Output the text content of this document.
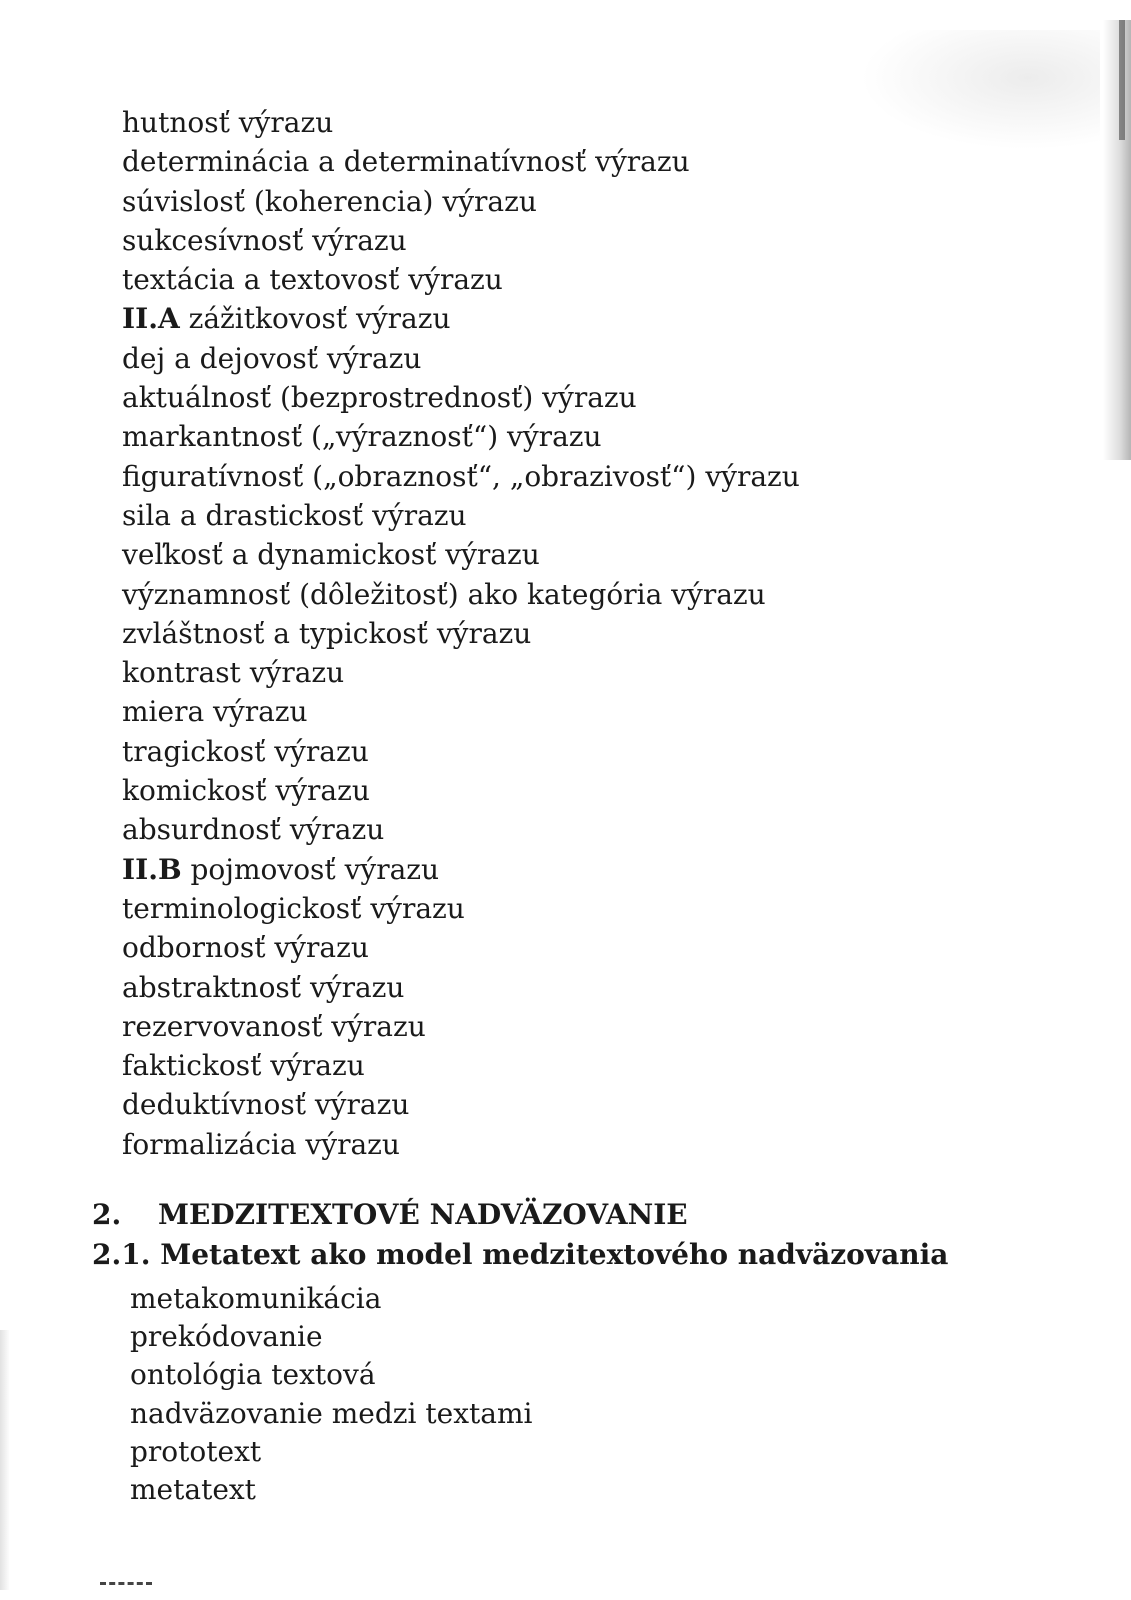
hutnosť výrazu
determinácia a determinatívnosť výrazu
súvislosť (koherencia) výrazu
sukcesívnosť výrazu
textácia a textovosť výrazu
II.A zážitkovosť výrazu
dej a dejovosť výrazu
aktuálnosť (bezprostrednosť) výrazu
markantnosť („výraznosť“) výrazu
figuratívnosť („obraznosť“, „obrazivosť“) výrazu
sila a drastickosť výrazu
veľkosť a dynamickosť výrazu
významnosť (dôležitosť) ako kategória výrazu
zvláštnosť a typickosť výrazu
kontrast výrazu
miera výrazu
tragickosť výrazu
komickosť výrazu
absurdnosť výrazu
II.B pojmovosť výrazu
terminologickosť výrazu
odbornosť výrazu
abstraktnosť výrazu
rezervovanosť výrazu
faktickosť výrazu
deduktívnosť výrazu
formalizácia výrazu
2. MEDZITEXTOVÉ NADVÄZOVANIE
2.1. Metatext ako model medzitextového nadväzovania
metakomunikácia
prekódovanie
ontológia textová
nadväzovanie medzi textami
prototext
metatext
